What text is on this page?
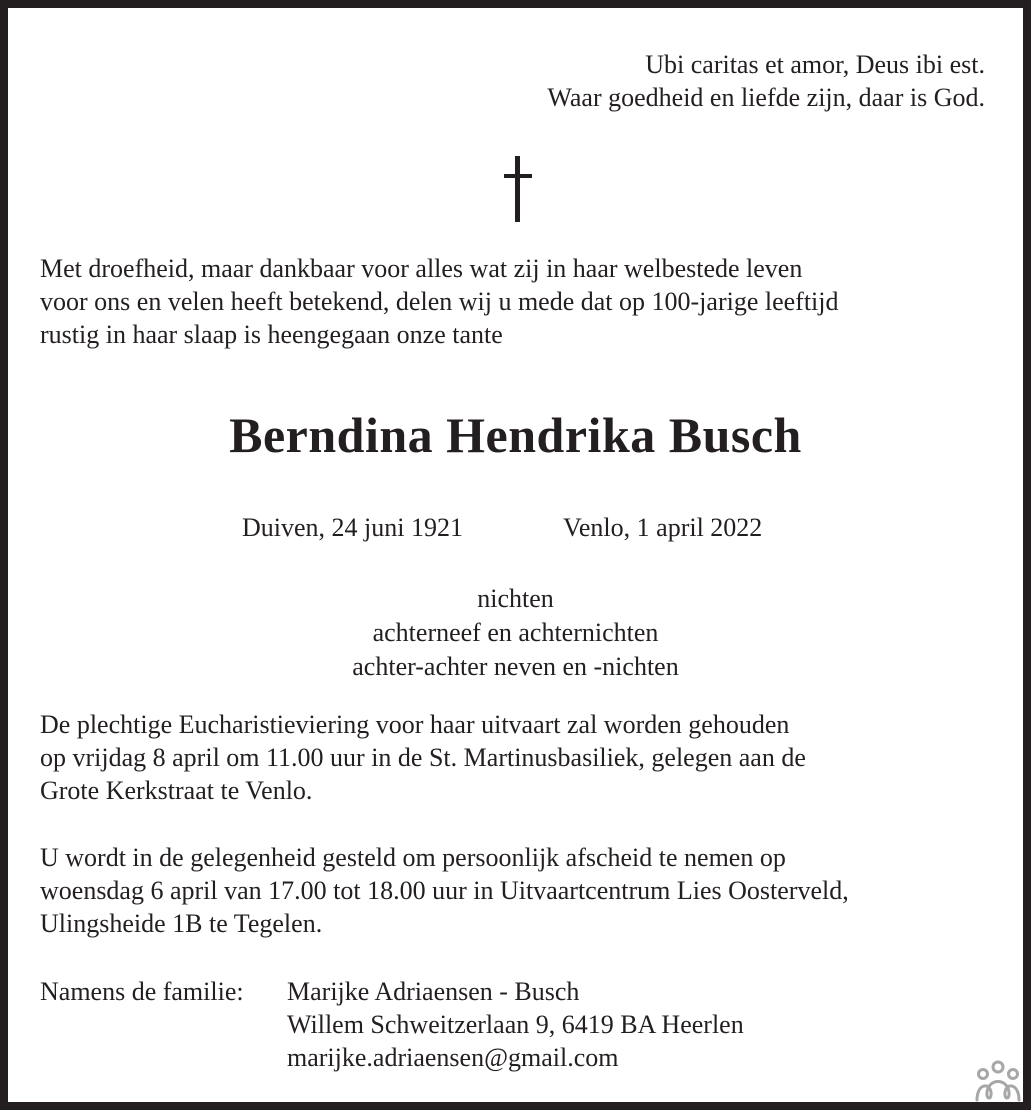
Ubi caritas et amor, Deus ibi est.
Waar goedheid en liefde zijn, daar is God.
Met droefheid, maar dankbaar voor alles wat zij in haar welbestede leven
voor ons en velen heeft betekend, delen wij u mede dat op 100-jarige leeftijd
rustig in haar slaap is heengegaan onze tante
Berndina Hendrika Busch
Duiven, 24 juni 1921	Venlo, 1 april 2022
nichten
achterneef en achternichten
achter-achter neven en -nichten
De plechtige Eucharistieviering voor haar uitvaart zal worden gehouden
op vrijdag 8 april om 11.00 uur in de St. Martinusbasiliek, gelegen aan de
Grote Kerkstraat te Venlo.
U wordt in de gelegenheid gesteld om persoonlijk afscheid te nemen op
woensdag 6 april van 17.00 tot 18.00 uur in Uitvaartcentrum Lies Oosterveld,
Ulingsheide 1B te Tegelen.
Namens de familie: Marijke Adriaensen - Busch
Willem Schweitzerlaan 9, 6419 BA Heerlen
marijke.adriaensen@gmail.com
